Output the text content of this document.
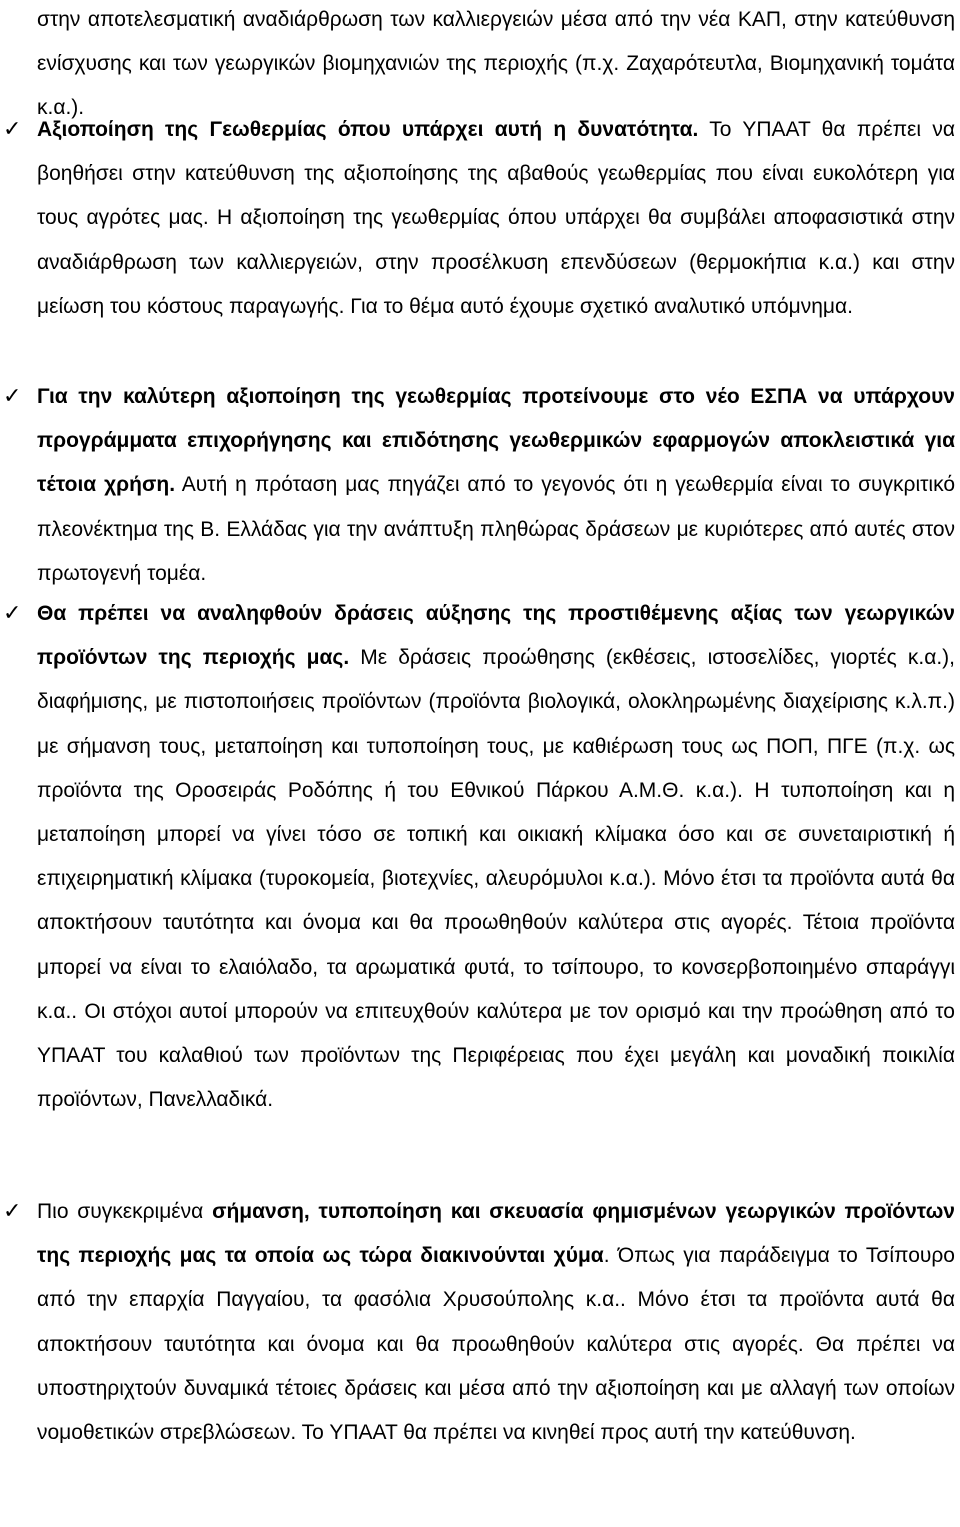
στην αποτελεσματική αναδιάρθρωση των καλλιεργειών μέσα από την νέα ΚΑΠ, στην κατεύθυνση ενίσχυσης και των γεωργικών βιομηχανιών της περιοχής (π.χ. Ζαχαρότευτλα, Βιομηχανική τομάτα κ.α.).
✓ Αξιοποίηση της Γεωθερμίας όπου υπάρχει αυτή η δυνατότητα. Το ΥΠΑΑΤ θα πρέπει να βοηθήσει στην κατεύθυνση της αξιοποίησης της αβαθούς γεωθερμίας που είναι ευκολότερη για τους αγρότες μας. Η αξιοποίηση της γεωθερμίας όπου υπάρχει θα συμβάλει αποφασιστικά στην αναδιάρθρωση των καλλιεργειών, στην προσέλκυση επενδύσεων (θερμοκήπια κ.α.) και στην μείωση του κόστους παραγωγής. Για το θέμα αυτό έχουμε σχετικό αναλυτικό υπόμνημα.
✓ Για την καλύτερη αξιοποίηση της γεωθερμίας προτείνουμε στο νέο ΕΣΠΑ να υπάρχουν προγράμματα επιχορήγησης και επιδότησης γεωθερμικών εφαρμογών αποκλειστικά για τέτοια χρήση. Αυτή η πρόταση μας πηγάζει από το γεγονός ότι η γεωθερμία είναι το συγκριτικό πλεονέκτημα της Β. Ελλάδας για την ανάπτυξη πληθώρας δράσεων με κυριότερες από αυτές στον πρωτογενή τομέα.
✓ Θα πρέπει να αναληφθούν δράσεις αύξησης της προστιθέμενης αξίας των γεωργικών προϊόντων της περιοχής μας. Με δράσεις προώθησης (εκθέσεις, ιστοσελίδες, γιορτές κ.α.), διαφήμισης, με πιστοποιήσεις προϊόντων (προϊόντα βιολογικά, ολοκληρωμένης διαχείρισης κ.λ.π.) με σήμανση τους, μεταποίηση και τυποποίηση τους, με καθιέρωση τους ως ΠΟΠ, ΠΓΕ (π.χ. ως προϊόντα της Οροσειράς Ροδόπης ή του Εθνικού Πάρκου Α.Μ.Θ. κ.α.). Η τυποποίηση και η μεταποίηση μπορεί να γίνει τόσο σε τοπική και οικιακή κλίμακα όσο και σε συνεταιριστική ή επιχειρηματική κλίμακα (τυροκομεία, βιοτεχνίες, αλευρόμυλοι κ.α.). Μόνο έτσι τα προϊόντα αυτά θα αποκτήσουν ταυτότητα και όνομα και θα προωθηθούν καλύτερα στις αγορές. Τέτοια προϊόντα μπορεί να είναι το ελαιόλαδο, τα αρωματικά φυτά, το τσίπουρο, το κονσερβοποιημένο σπαράγγι κ.α.. Οι στόχοι αυτοί μπορούν να επιτευχθούν καλύτερα με τον ορισμό και την προώθηση από το ΥΠΑΑΤ του καλαθιού των προϊόντων της Περιφέρειας που έχει μεγάλη και μοναδική ποικιλία προϊόντων, Πανελλαδικά.
✓ Πιο συγκεκριμένα σήμανση, τυποποίηση και σκευασία φημισμένων γεωργικών προϊόντων της περιοχής μας τα οποία ως τώρα διακινούνται χύμα. Όπως για παράδειγμα το Τσίπουρο από την επαρχία Παγγαίου, τα φασόλια Χρυσούπολης κ.α.. Μόνο έτσι τα προϊόντα αυτά θα αποκτήσουν ταυτότητα και όνομα και θα προωθηθούν καλύτερα στις αγορές. Θα πρέπει να υποστηριχτούν δυναμικά τέτοιες δράσεις και μέσα από την αξιοποίηση και με αλλαγή των οπoίων νομοθετικών στρεβλώσεων. Το ΥΠΑΑΤ θα πρέπει να κινηθεί προς αυτή την κατεύθυνση.
